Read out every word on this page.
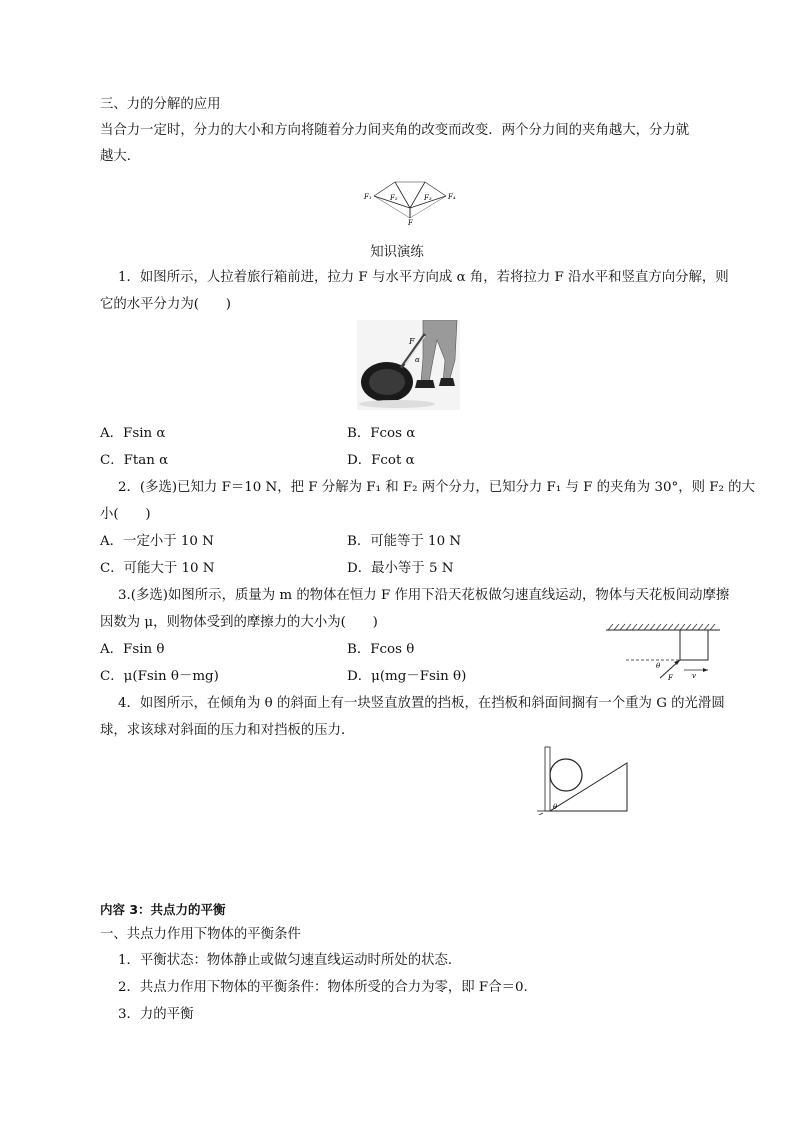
三、力的分解的应用
当合力一定时，分力的大小和方向将随着分力间夹角的改变而改变．两个分力间的夹角越大，分力就
越大．
F₁	F₂	F₃ F₄
F
知识演练
1．如图所示，人拉着旅行箱前进，拉力 F 与水平方向成 α 角，若将拉力 F 沿水平和竖直方向分解，则
它的水平分力为(　　)
F
α
A．Fsin α	B．Fcos α
C．Ftan α	D．Fcot α
2．(多选)已知力 F＝10 N，把 F 分解为 F₁ 和 F₂ 两个分力，已知分力 F₁ 与 F 的夹角为 30°，则 F₂ 的大
小(　　)
A．一定小于 10 N	B．可能等于 10 N
C．可能大于 10 N	D．最小等于 5 N
3.(多选)如图所示，质量为 m 的物体在恒力 F 作用下沿天花板做匀速直线运动，物体与天花板间动摩擦
因数为 μ，则物体受到的摩擦力的大小为(　　)
A．Fsin θ	B．Fcos θ
C．μ(Fsin θ－mg)	D．μ(mg－Fsin θ)
θ
F	v
4．如图所示，在倾角为 θ 的斜面上有一块竖直放置的挡板，在挡板和斜面间搁有一个重为 G 的光滑圆
球，求该球对斜面的压力和对挡板的压力．
θ
内容 3：共点力的平衡
一、共点力作用下物体的平衡条件
1．平衡状态：物体静止或做匀速直线运动时所处的状态．
2．共点力作用下物体的平衡条件：物体所受的合力为零，即 F合＝0.
3．力的平衡
